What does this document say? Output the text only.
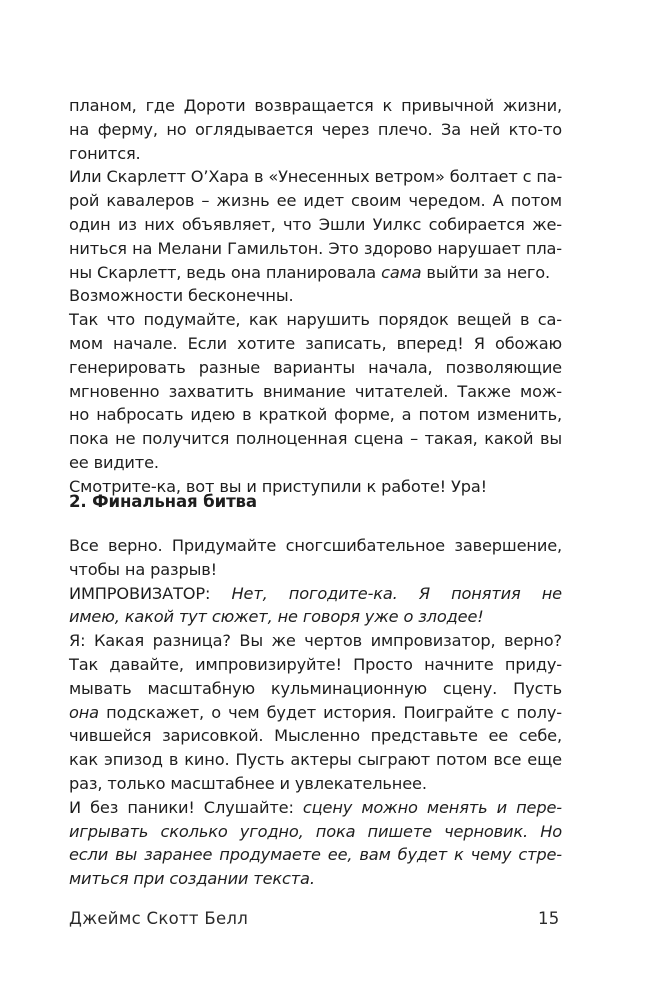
планом, где Дороти возвращается к привычной жизни,
на ферму, но оглядывается через плечо. За ней кто-то
гонится.
Или Скарлетт О’Хара в «Унесенных ветром» болтает с па-
рой кавалеров – жизнь ее идет своим чередом. А потом
один из них объявляет, что Эшли Уилкс собирается же-
ниться на Мелани Гамильтон. Это здорово нарушает пла-
ны Скарлетт, ведь она планировала сама выйти за него.
Возможности бесконечны.
Так что подумайте, как нарушить порядок вещей в са-
мом начале. Если хотите записать, вперед! Я обожаю
генерировать разные варианты начала, позволяющие
мгновенно захватить внимание читателей. Также мож-
но набросать идею в краткой форме, а потом изменить,
пока не получится полноценная сцена – такая, какой вы
ее видите.
Смотрите-ка, вот вы и приступили к работе! Ура!
2. Финальная битва
Все верно. Придумайте сногсшибательное завершение,
чтобы на разрыв!
ИМПРОВИЗАТОР: Нет, погодите-ка. Я понятия не
имею, какой тут сюжет, не говоря уже о злодее!
Я: Какая разница? Вы же чертов импровизатор, верно?
Так давайте, импровизируйте! Просто начните приду-
мывать масштабную кульминационную сцену. Пусть
она подскажет, о чем будет история. Поиграйте с полу-
чившейся зарисовкой. Мысленно представьте ее себе,
как эпизод в кино. Пусть актеры сыграют потом все еще
раз, только масштабнее и увлекательнее.
И без паники! Слушайте: сцену можно менять и пере-
игрывать сколько угодно, пока пишете черновик. Но
если вы заранее продумаете ее, вам будет к чему стре-
миться при создании текста.
Джеймс Скотт Белл	15
